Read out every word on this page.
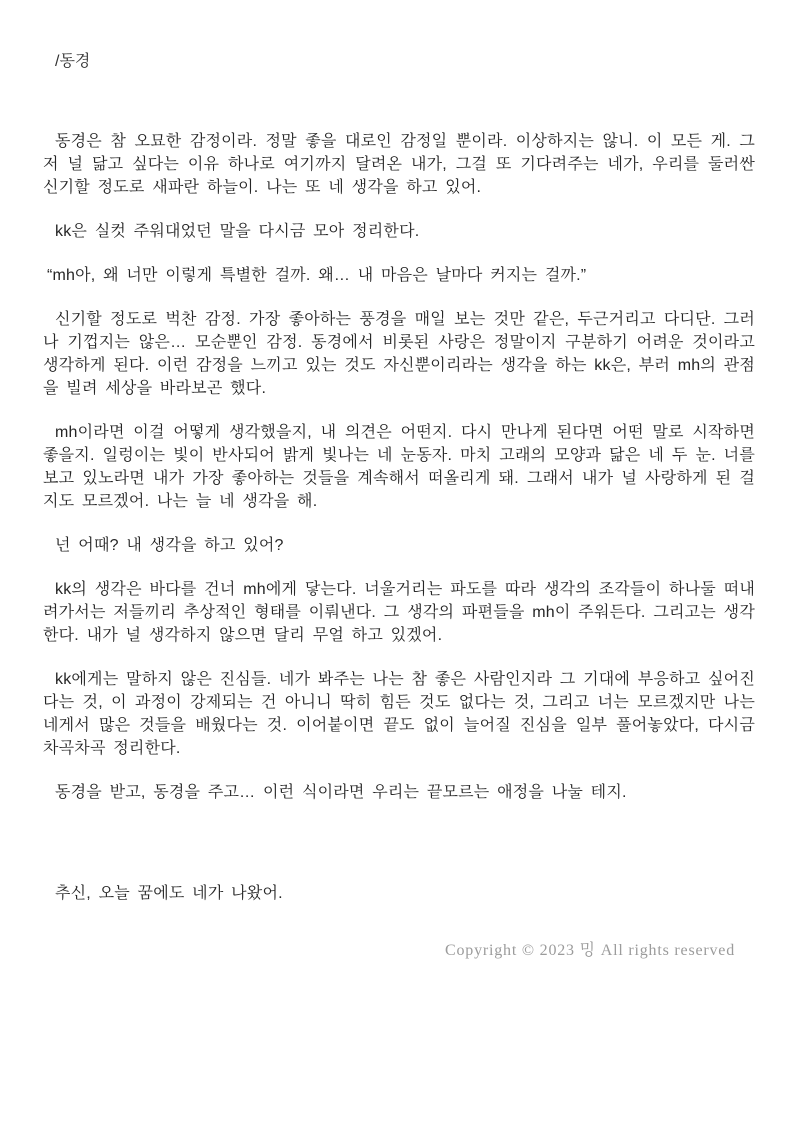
/동경

동경은 참 오묘한 감정이라. 정말 좋을 대로인 감정일 뿐이라. 이상하지는 않니. 이 모든 게. 그저 널 닮고 싶다는 이유 하나로 여기까지 달려온 내가, 그걸 또 기다려주는 네가, 우리를 둘러싼 신기할 정도로 새파란 하늘이. 나는 또 네 생각을 하고 있어.

kk은 실컷 주워대었던 말을 다시금 모아 정리한다.

“mh아, 왜 너만 이렇게 특별한 걸까. 왜… 내 마음은 날마다 커지는 걸까.”

신기할 정도로 벅찬 감정. 가장 좋아하는 풍경을 매일 보는 것만 같은, 두근거리고 다디단. 그러나 기껍지는 않은… 모순뿐인 감정. 동경에서 비롯된 사랑은 정말이지 구분하기 어려운 것이라고 생각하게 된다. 이런 감정을 느끼고 있는 것도 자신뿐이리라는 생각을 하는 kk은, 부러 mh의 관점을 빌려 세상을 바라보곤 했다.

mh이라면 이걸 어떻게 생각했을지, 내 의견은 어떤지. 다시 만나게 된다면 어떤 말로 시작하면 좋을지. 일렁이는 빛이 반사되어 밝게 빛나는 네 눈동자. 마치 고래의 모양과 닮은 네 두 눈. 너를 보고 있노라면 내가 가장 좋아하는 것들을 계속해서 떠올리게 돼. 그래서 내가 널 사랑하게 된 걸지도 모르겠어. 나는 늘 네 생각을 해.

넌 어때? 내 생각을 하고 있어?

kk의 생각은 바다를 건너 mh에게 닿는다. 너울거리는 파도를 따라 생각의 조각들이 하나둘 떠내려가서는 저들끼리 추상적인 형태를 이뤄낸다. 그 생각의 파편들을 mh이 주워든다. 그리고는 생각한다. 내가 널 생각하지 않으면 달리 무얼 하고 있겠어.

kk에게는 말하지 않은 진심들. 네가 봐주는 나는 참 좋은 사람인지라 그 기대에 부응하고 싶어진다는 것, 이 과정이 강제되는 건 아니니 딱히 힘든 것도 없다는 것, 그리고 너는 모르겠지만 나는 네게서 많은 것들을 배웠다는 것. 이어붙이면 끝도 없이 늘어질 진심을 일부 풀어놓았다, 다시금 차곡차곡 정리한다.

동경을 받고, 동경을 주고… 이런 식이라면 우리는 끝모르는 애정을 나눌 테지.

추신, 오늘 꿈에도 네가 나왔어.

Copyright © 2023 밍 All rights reserved
